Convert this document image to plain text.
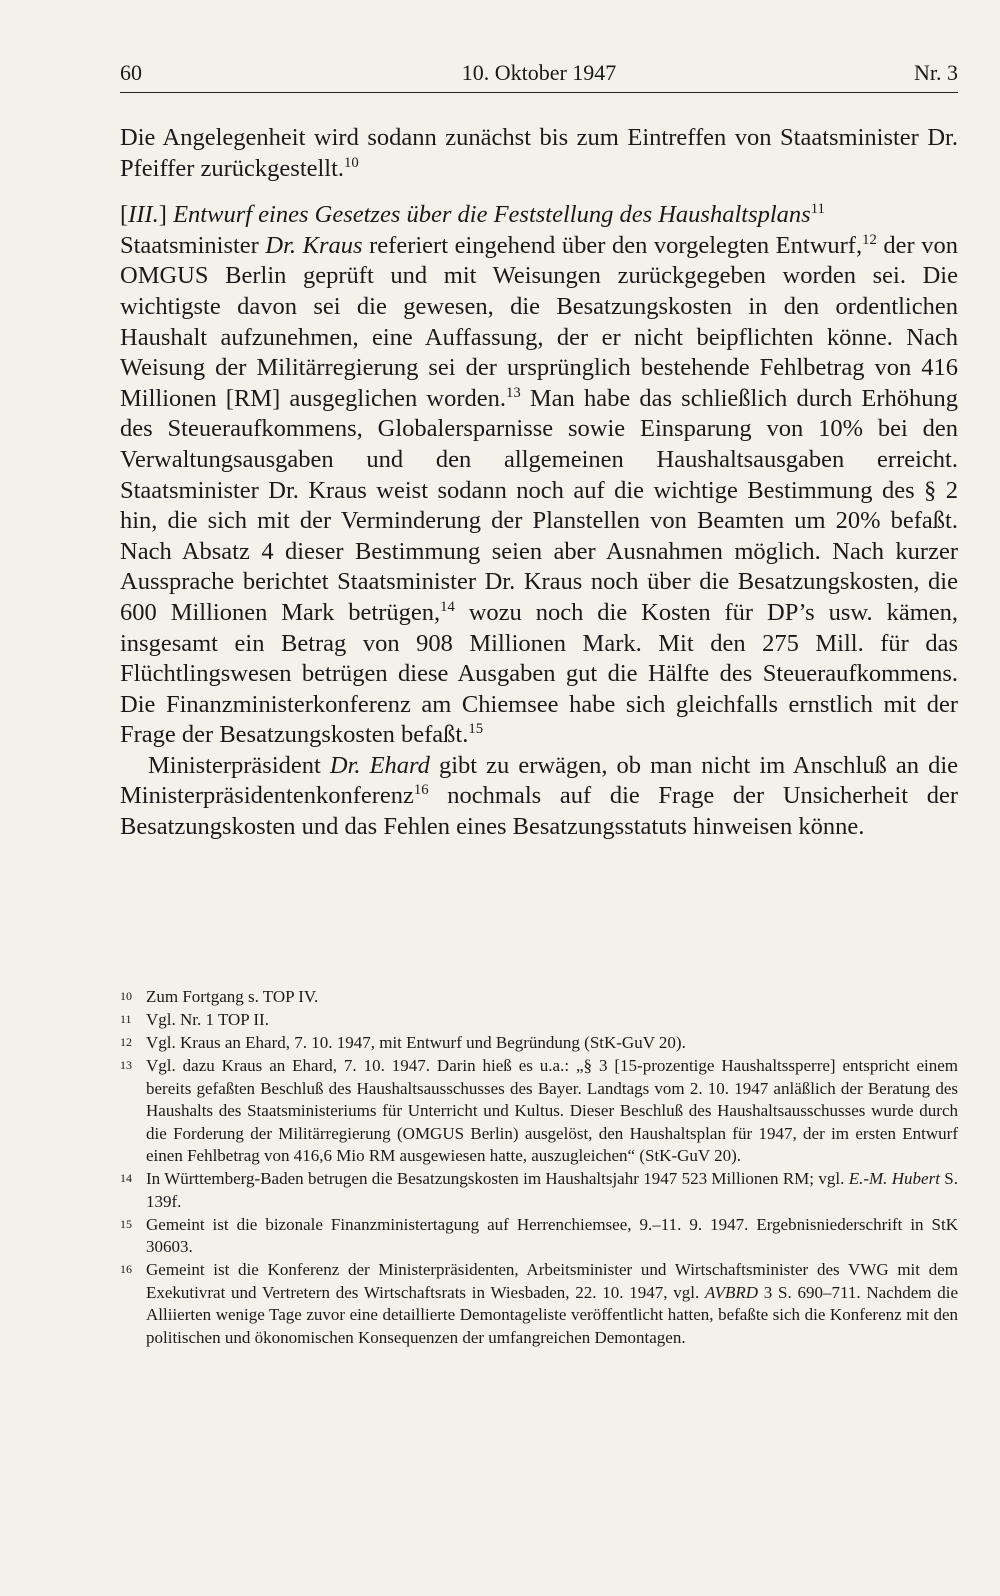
60	10. Oktober 1947	Nr. 3

Die Angelegenheit wird sodann zunächst bis zum Eintreffen von Staatsminister Dr. Pfeiffer zurückgestellt.$^{10}$

[III.] Entwurf eines Gesetzes über die Feststellung des Haushaltsplans$^{11}$

Staatsminister Dr. Kraus referiert eingehend über den vorgelegten Entwurf,$^{12}$ der von OMGUS Berlin geprüft und mit Weisungen zurückgegeben worden sei. Die wichtigste davon sei die gewesen, die Besatzungskosten in den ordentlichen Haushalt aufzunehmen, eine Auffassung, der er nicht beipflichten könne. Nach Weisung der Militärregierung sei der ursprünglich bestehende Fehlbetrag von 416 Millionen [RM] ausgeglichen worden.$^{13}$ Man habe das schließlich durch Erhöhung des Steueraufkommens, Globalersparnisse sowie Einsparung von 10% bei den Verwaltungsausgaben und den allgemeinen Haushaltsausgaben erreicht. Staatsminister Dr. Kraus weist sodann noch auf die wichtige Bestimmung des § 2 hin, die sich mit der Verminderung der Planstellen von Beamten um 20% befaßt. Nach Absatz 4 dieser Bestimmung seien aber Ausnahmen möglich. Nach kurzer Aussprache berichtet Staatsminister Dr. Kraus noch über die Besatzungskosten, die 600 Millionen Mark betrügen,$^{14}$ wozu noch die Kosten für DP’s usw. kämen, insgesamt ein Betrag von 908 Millionen Mark. Mit den 275 Mill. für das Flüchtlingswesen betrügen diese Ausgaben gut die Hälfte des Steueraufkommens. Die Finanzministerkonferenz am Chiemsee habe sich gleichfalls ernstlich mit der Frage der Besatzungskosten befaßt.$^{15}$

Ministerpräsident Dr. Ehard gibt zu erwägen, ob man nicht im Anschluß an die Ministerpräsidentenkonferenz$^{16}$ nochmals auf die Frage der Unsicherheit der Besatzungskosten und das Fehlen eines Besatzungsstatuts hinweisen könne.

10 Zum Fortgang s. TOP IV.
11 Vgl. Nr. 1 TOP II.
12 Vgl. Kraus an Ehard, 7. 10. 1947, mit Entwurf und Begründung (StK-GuV 20).
13 Vgl. dazu Kraus an Ehard, 7. 10. 1947. Darin hieß es u.a.: „§ 3 [15-prozentige Haushaltssperre] entspricht einem bereits gefaßten Beschluß des Haushaltsausschusses des Bayer. Landtags vom 2. 10. 1947 anläßlich der Beratung des Haushalts des Staatsministeriums für Unterricht und Kultus. Dieser Beschluß des Haushaltsausschusses wurde durch die Forderung der Militärregierung (OMGUS Berlin) ausgelöst, den Haushaltsplan für 1947, der im ersten Entwurf einen Fehlbetrag von 416,6 Mio RM ausgewiesen hatte, auszugleichen“ (StK-GuV 20).
14 In Württemberg-Baden betrugen die Besatzungskosten im Haushaltsjahr 1947 523 Millionen RM; vgl. E.-M. Hubert S. 139f.
15 Gemeint ist die bizonale Finanzministertagung auf Herrenchiemsee, 9.–11. 9. 1947. Ergebnisniederschrift in StK 30603.
16 Gemeint ist die Konferenz der Ministerpräsidenten, Arbeitsminister und Wirtschaftsminister des VWG mit dem Exekutivrat und Vertretern des Wirtschaftsrats in Wiesbaden, 22. 10. 1947, vgl. AVBRD 3 S. 690–711. Nachdem die Alliierten wenige Tage zuvor eine detaillierte Demontageliste veröffentlicht hatten, befaßte sich die Konferenz mit den politischen und ökonomischen Konsequenzen der umfangreichen Demontagen.
